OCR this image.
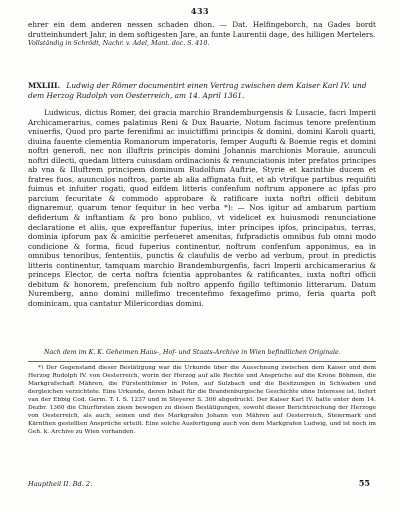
433
ehrer ein dem anderen nessen schaden dhon. — Dat. Helfingeborch, na Gades bordt drutteinhundert Jahr, in dem softigesten Jare, an funte Laurentii dage, des hilligen Mertelers.
Vollständig in Schrödt, Nachr. v. Adel, Mant. doc. S. 410.
MXLIII. Ludwig der Römer documentirt einen Vertrag zwischen dem Kaiser Karl IV. und dem Herzog Rudolph von Oesterreich, am 14. April 1361.
Ludwicus, dictus Romer, dei gracia marchio Brandemburgensis & Lusacie, facri Imperii Archicamerarius, comes palatinus Reni & Dux Bauarie, Notum facimus tenore prefentium vniuerfis, Quod pro parte ferenifimi ac inuictiffimi principis & domini, domini Karoli quarti, diuina fauente clementia Romanorum imperatoris, femper Augufti & Boemie regis et domini noftri generofi, nec non illuftris principis domini Johannis marchionis Morauie, auunculi noftri dilecti, quedam littera cuiusdam ordinacionis & renunciationis inter prefatos principes ab vna & Illuftrem principem dominum Rudolfum Auftrie, Styrie et karinthie ducem et fratres fuos, auunculos noftros, parte ab alia affignata fuit, et ab vtrifque partibus requifiti fuimus et infuiter rogati, quod eifdem litteris confenfum noftrum apponere ac ipfas pro parcium fecuritate & commodo approbare & ratificare iuxta noftri officii debitum dignaremur, quarum tenor fequitur in hec verba *): — Nos igitur ad ambarum partium defiderium & inftantiam & pro bono publico, vt videlicet ex huiusmodi renunciatione declaratione et aliis, que expreffantur fuperius, inter principes ipfos, principatus, terras, dominia ipforum pax & amicitie perfeueret amenitas, fufpradictis omnibus fub omni modo condicione & forma, ficud fuperius continentur, noftrum confenfum apponimus, ea in omnibus tenoribus, fententiis, punctis & claufulis de verbo ad verbum, prout in predictis litteris continentur, tamquam marchio Brandemburgenfis, facri Imperii archicamerarius & princeps Elector, de certa noftra fcientia approbantes & ratificantes, iuxta noftri officii debitum & honorem, prefencium fub noftro appenfo figillo teftimonio litterarum. Datum Nuremberg, anno domini millefimo trecentefimo fexagefimo primo, feria quarta poft dominicam, qua cantatur Milericordias domini.
Nach dem im K. K. Geheimen Haus-, Hof- und Staats-Archive in Wien befindlichen Originale.
*) Der Gegenstand dieser Bestätigung war die Urkunde über die Ausschnung zwischen dem Kaiser und dem Herzog Rudolph IV. von Oesterreich, worin der Herzog auf alle Rechte und Ansprüche auf die Krone Böhmen, die Markgrafschaft Mähren, die Fürstenthümer in Polen, auf Sulzbach und die Besitzungen in Schwaben und dergleichen verzichtete. Eine Urkunde, deren Inhalt für die Brandenburgische Geschichte ohne Interesse ist, liefert van der Ebbig Cod. Germ. T. I. S. 1237 und in Steyerer S. 306 abgedruckt. Der Kaiser Karl IV. hatte unter dem 14. Dezbr. 1360 die Churfürsten zieen bewogen zu diesen Bestätigungen, sowohl dieser Berichtreichung der Herzoge von Oesterreich, als auch, seinen und des Markgrafen Johann von Mähren auf Oesterreich, Steiermark und Kärnthen gestellten Ansprüche erteilt. Eine solche Ausfertigung auch von dem Markgrafen Ludwig, und ist noch im Geh. k. Archive zu Wien vorhanden.
Hauptheil II. Bd. 2.	55
